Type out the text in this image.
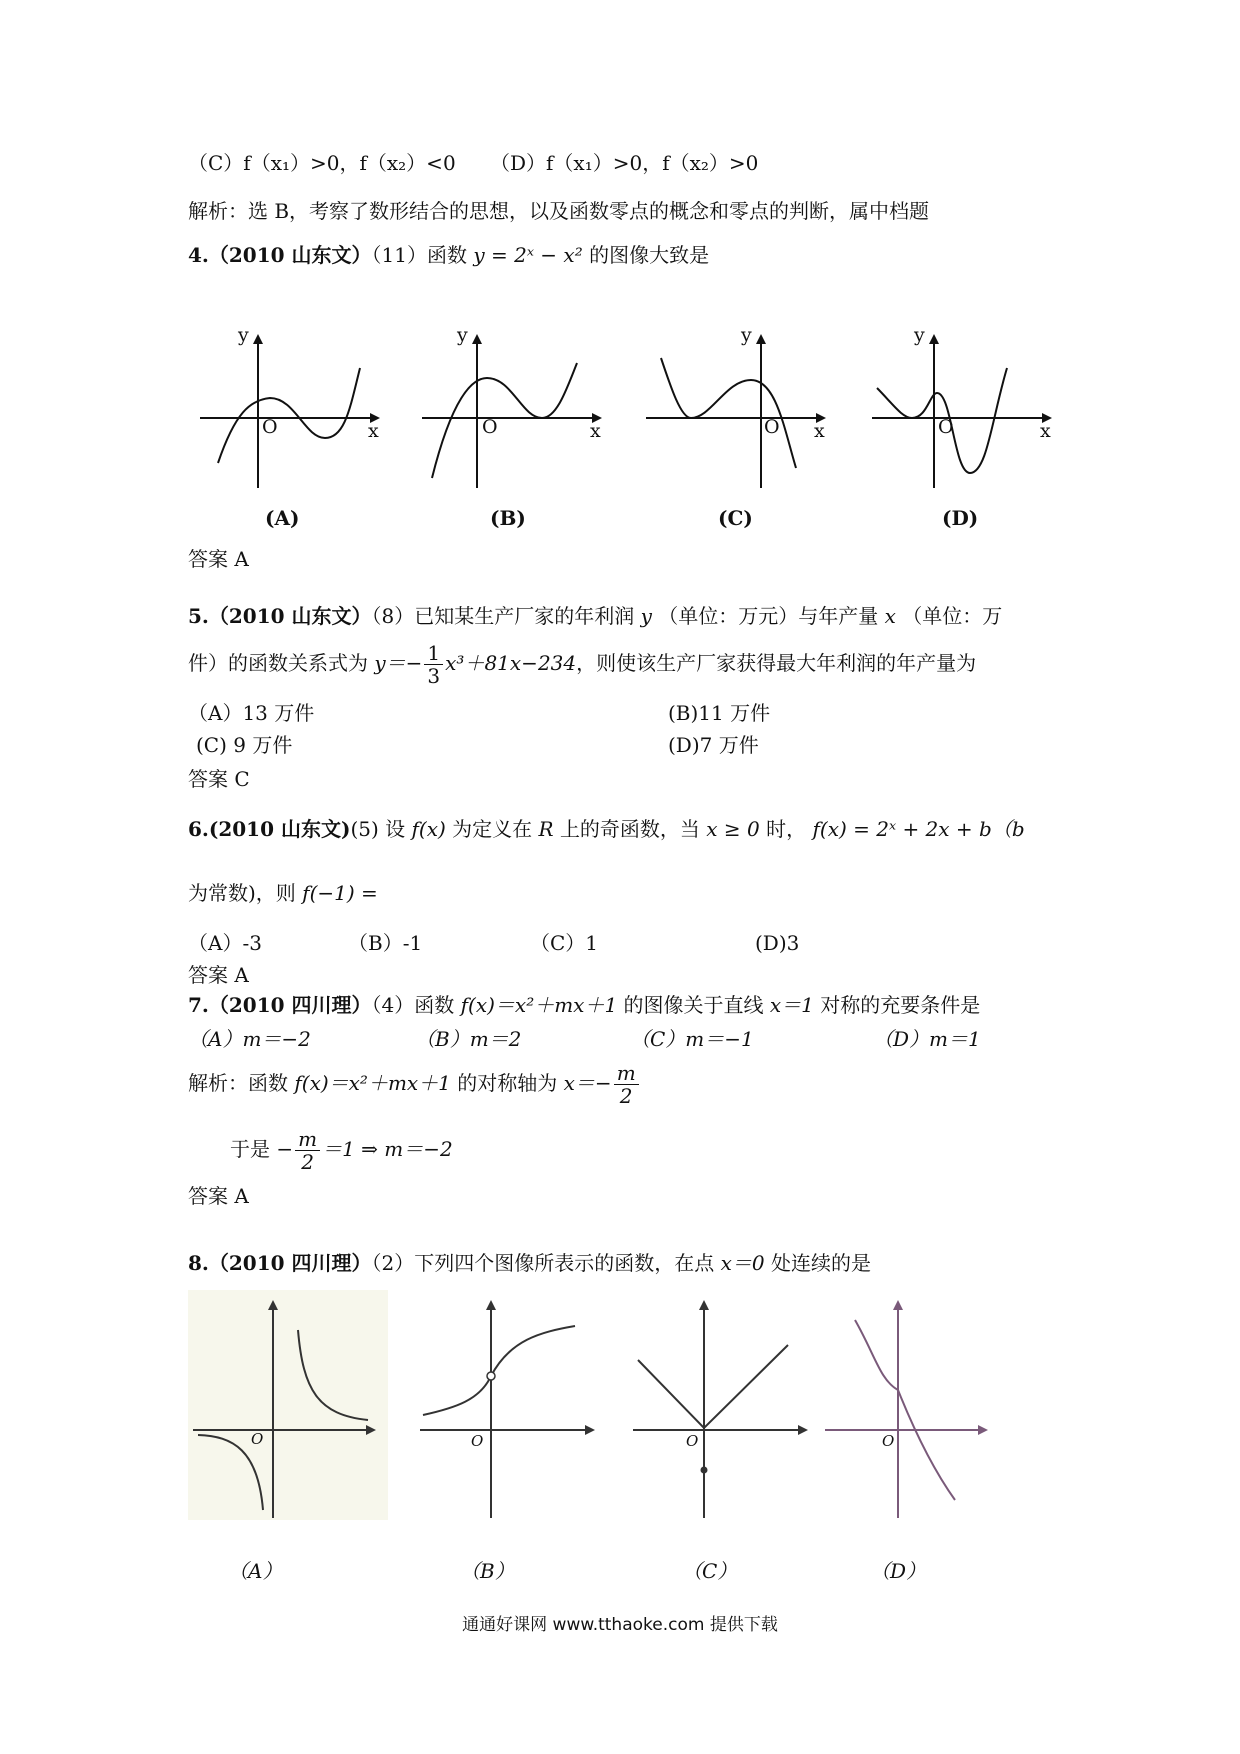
（C）f（x₁）>0，f（x₂）<0 （D）f（x₁）>0，f（x₂）>0
解析：选 B，考察了数形结合的思想，以及函数零点的概念和零点的判断，属中档题
4.（2010 山东文）（11）函数 y = 2ˣ − x² 的图像大致是
y
O	x
y
O	x
y
O x
y
O	x
(A)	(B)	(C)	(D)
答案 A
5.（2010 山东文）（8）已知某生产厂家的年利润 y （单位：万元）与年产量 x （单位：万
件）的函数关系式为 $y=- \frac{1}{3} x^3+81x-234$，则使该生产厂家获得最大年利润的年产量为
（A）13 万件	(B)11 万件
(C) 9 万件	(D)7 万件
答案 C
6.(2010 山东文)(5) 设 f(x) 为定义在 R 上的奇函数，当 x ≥ 0 时， f(x) = 2ˣ + 2x + b（b
为常数)，则 f(−1) =
（A）-3	（B）-1	（C）1	(D)3
答案 A
7.（2010 四川理）（4）函数 f(x)＝x²＋mx＋1 的图像关于直线 x＝1 对称的充要条件是
（A）m＝−2	（B）m＝2	（C）m＝−1	（D）m＝1
解析：函数 f(x)＝x²＋mx＋1 的对称轴为 $x=- \frac{m}{2}$
于是 − $\frac{m}{2} =1$ ⇒ m＝−2
答案 A
8.（2010 四川理）（2）下列四个图像所表示的函数，在点 x＝0 处连续的是
O	O	O	O
（A）	（B）	（C）	（D）
通通好课网 www.tthaoke.com 提供下载
